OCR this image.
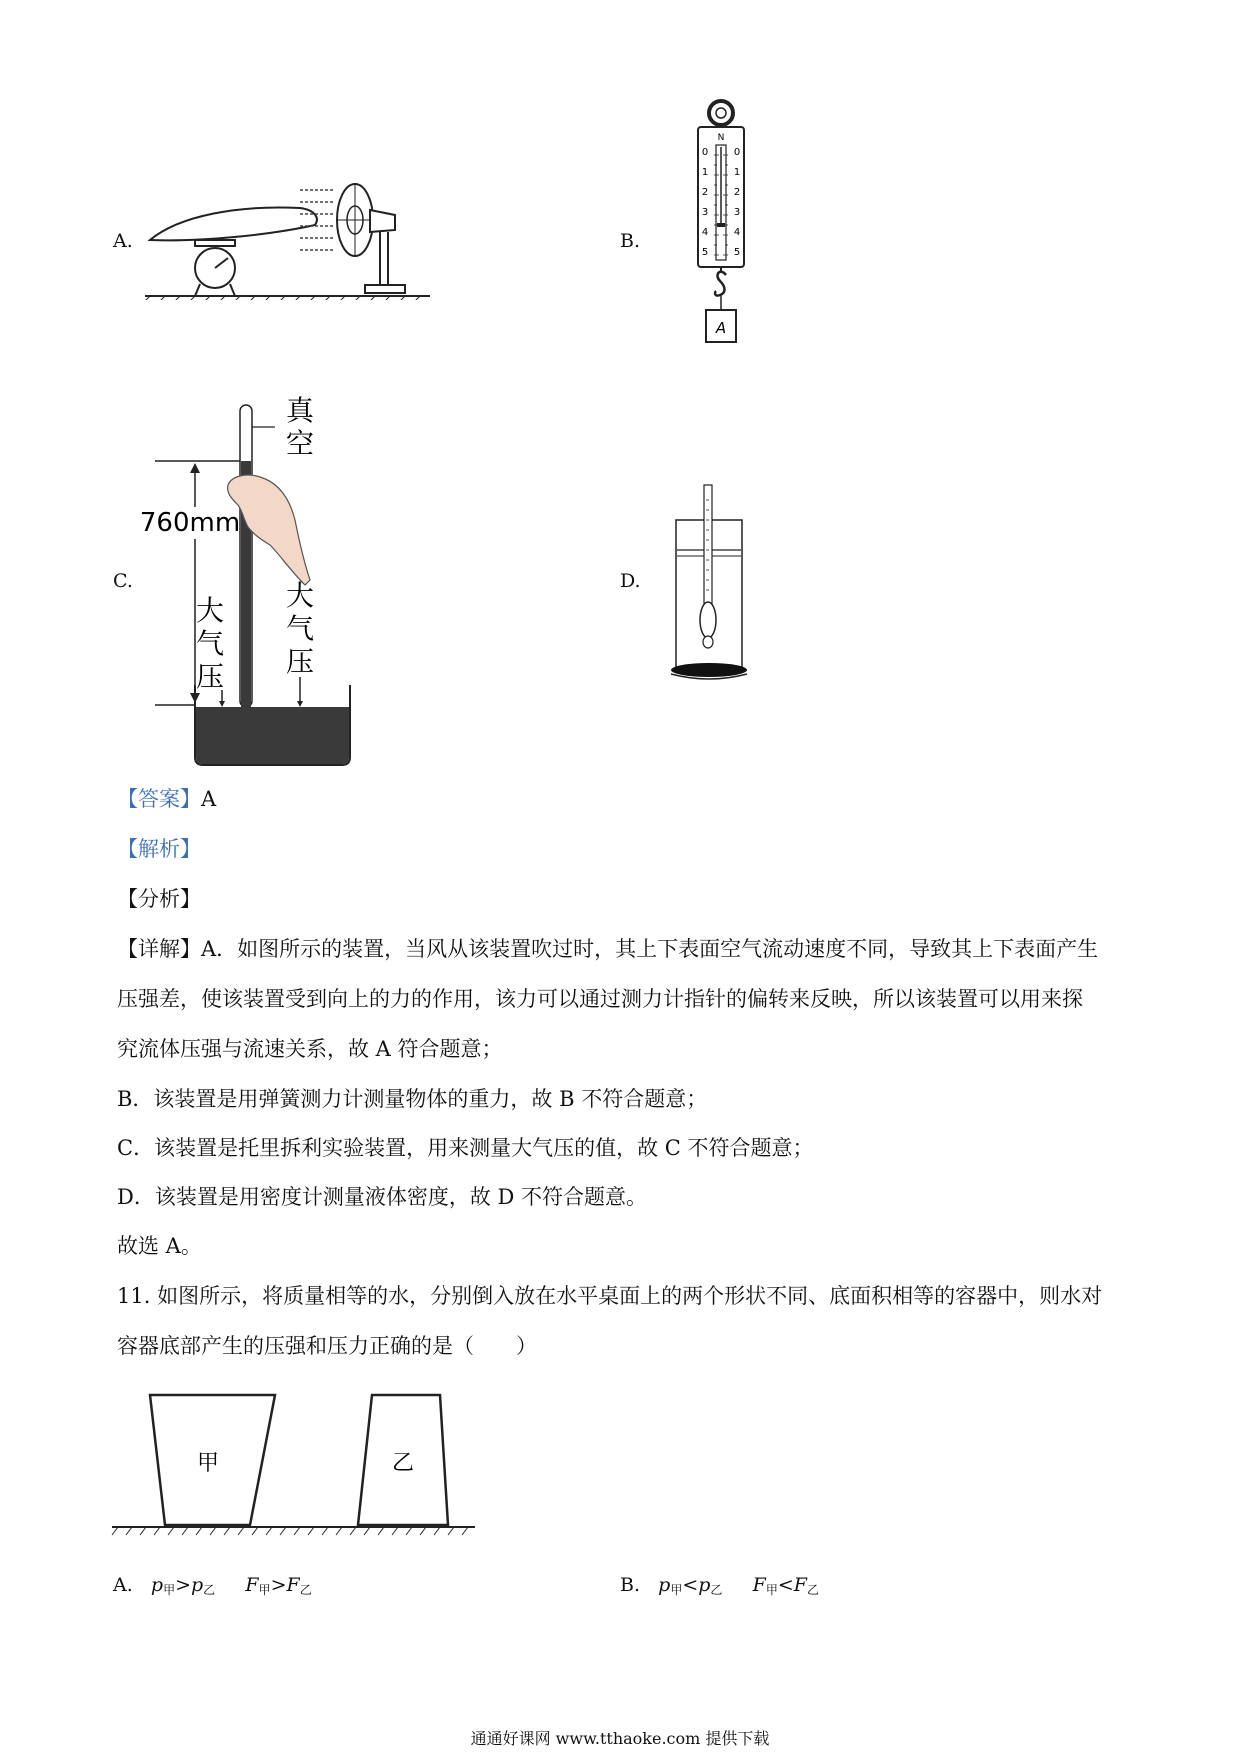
A.	B.
N
0
1
2
3
4
5
0
1
2
3
4
5
A
C.
760mm
真
空
大
气
压
大
气
压
D.
【答案】A
【解析】
【分析】
【详解】A．如图所示的装置，当风从该装置吹过时，其上下表面空气流动速度不同，导致其上下表面产生
压强差，使该装置受到向上的力的作用，该力可以通过测力计指针的偏转来反映，所以该装置可以用来探
究流体压强与流速关系，故 A 符合题意；
B．该装置是用弹簧测力计测量物体的重力，故 B 不符合题意；
C．该装置是托里拆利实验装置，用来测量大气压的值，故 C 不符合题意；
D．该装置是用密度计测量液体密度，故 D 不符合题意。
故选 A。
11. 如图所示，将质量相等的水，分别倒入放在水平桌面上的两个形状不同、底面积相等的容器中，则水对
容器底部产生的压强和压力正确的是（　　）
甲	乙
A. $p_甲>p_乙$ $F_甲>F_乙$	B. $p_甲<p_乙$ $F_甲<F_乙$
通通好课网 www.tthaoke.com 提供下载
